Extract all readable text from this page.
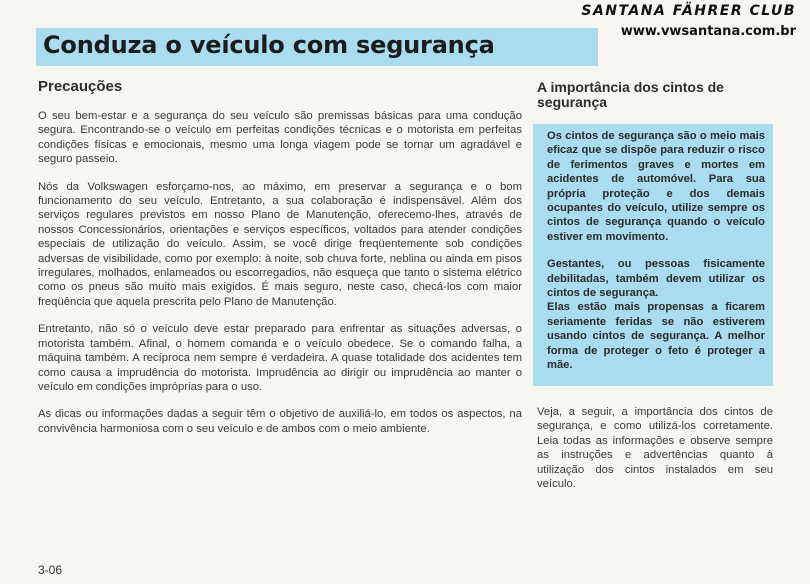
SANTANA FÄHRER CLUB
www.vwsantana.com.br
Conduza o veículo com segurança
Precauções

O seu bem-estar e a segurança do seu veículo são premissas básicas para uma condução segura. Encontrando-se o veículo em perfeitas condições técnicas e o motorista em perfeitas condições físicas e emocionais, mesmo uma longa viagem pode se tornar um agradável e seguro passeio.

Nós da Volkswagen esforçamo-nos, ao máximo, em preservar a segurança e o bom funcionamento do seu veículo. Entretanto, a sua colaboração é indispensável. Além dos serviços regulares previstos em nosso Plano de Manutenção, oferecemo-lhes, através de nossos Concessionários, orientações e serviços específicos, voltados para atender condições especiais de utilização do veículo. Assim, se você dirige freqüentemente sob condições adversas de visibilidade, como por exemplo: à noite, sob chuva forte, neblina ou ainda em pisos irregulares, molhados, enlameados ou escorregadios, não esqueça que tanto o sistema elétrico como os pneus são muito mais exigidos. É mais seguro, neste caso, checá-los com maior freqüência que aquela prescrita pelo Plano de Manutenção.

Entretanto, não só o veículo deve estar preparado para enfrentar as situações adversas, o motorista também. Afinal, o homem comanda e o veículo obedece. Se o comando falha, a máquina também. A recíproca nem sempre é verdadeira. A quase totalidade dos acidentes tem como causa a imprudência do motorista. Imprudência ao dirigir ou imprudência ao manter o veículo em condições impróprias para o uso.

As dicas ou informações dadas a seguir têm o objetivo de auxiliá-lo, em todos os aspectos, na convivência harmoniosa com o seu veículo e de ambos com o meio ambiente.

A importância dos cintos de segurança

Os cintos de segurança são o meio mais eficaz que se dispõe para reduzir o risco de ferimentos graves e mortes em acidentes de automóvel. Para sua própria proteção e dos demais ocupantes do veículo, utilize sempre os cintos de segurança quando o veículo estiver em movimento.

Gestantes, ou pessoas fisicamente debilitadas, também devem utilizar os cintos de segurança.

Elas estão mais propensas a ficarem seriamente feridas se não estiverem usando cintos de segurança. A melhor forma de proteger o feto é proteger a mãe.

Veja, a seguir, a importância dos cintos de segurança, e como utilizá-los corretamente. Leia todas as informações e observe sempre as instruções e advertências quanto à utilização dos cintos instalados em seu veículo.

3-06
